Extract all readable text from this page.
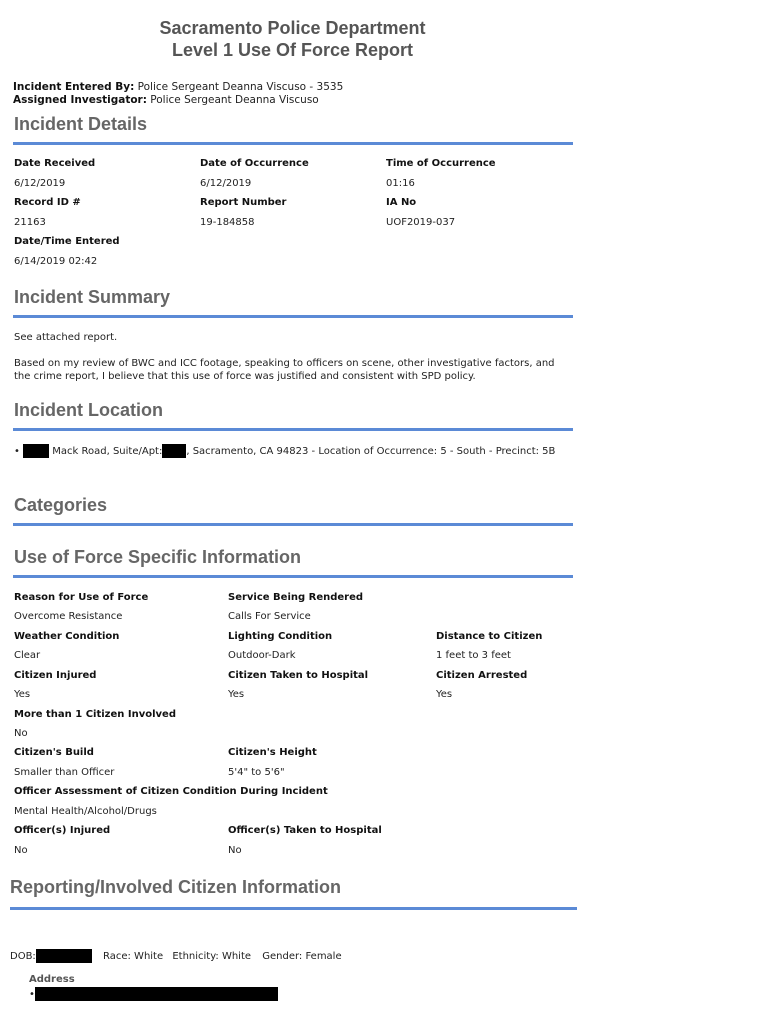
Sacramento Police Department
Level 1 Use Of Force Report
Incident Entered By: Police Sergeant Deanna Viscuso - 3535
Assigned Investigator: Police Sergeant Deanna Viscuso
Incident Details
Date Received	Date of Occurrence	Time of Occurrence
6/12/2019	6/12/2019	01:16
Record ID #	Report Number	IA No
21163	19-184858	UOF2019-037
Date/Time Entered
6/14/2019 02:42
Incident Summary
See attached report.
Based on my review of BWC and ICC footage, speaking to officers on scene, other investigative factors, and the crime report, I believe that this use of force was justified and consistent with SPD policy.
Incident Location
•	Mack Road, Suite/Apt: , Sacramento, CA 94823 - Location of Occurrence: 5 - South - Precinct: 5B
Categories
Use of Force Specific Information
Reason for Use of Force	Service Being Rendered
Overcome Resistance	Calls For Service
Weather Condition	Lighting Condition	Distance to Citizen
Clear	Outdoor-Dark	1 feet to 3 feet
Citizen Injured	Citizen Taken to Hospital	Citizen Arrested
Yes	Yes	Yes
More than 1 Citizen Involved
No
Citizen's Build	Citizen's Height
Smaller than Officer	5'4" to 5'6"
Officer Assessment of Citizen Condition During Incident
Mental Health/Alcohol/Drugs
Officer(s) Injured	Officer(s) Taken to Hospital
No	No
Reporting/Involved Citizen Information
DOB:	Race: White Ethnicity: White Gender: Female
Address
•
